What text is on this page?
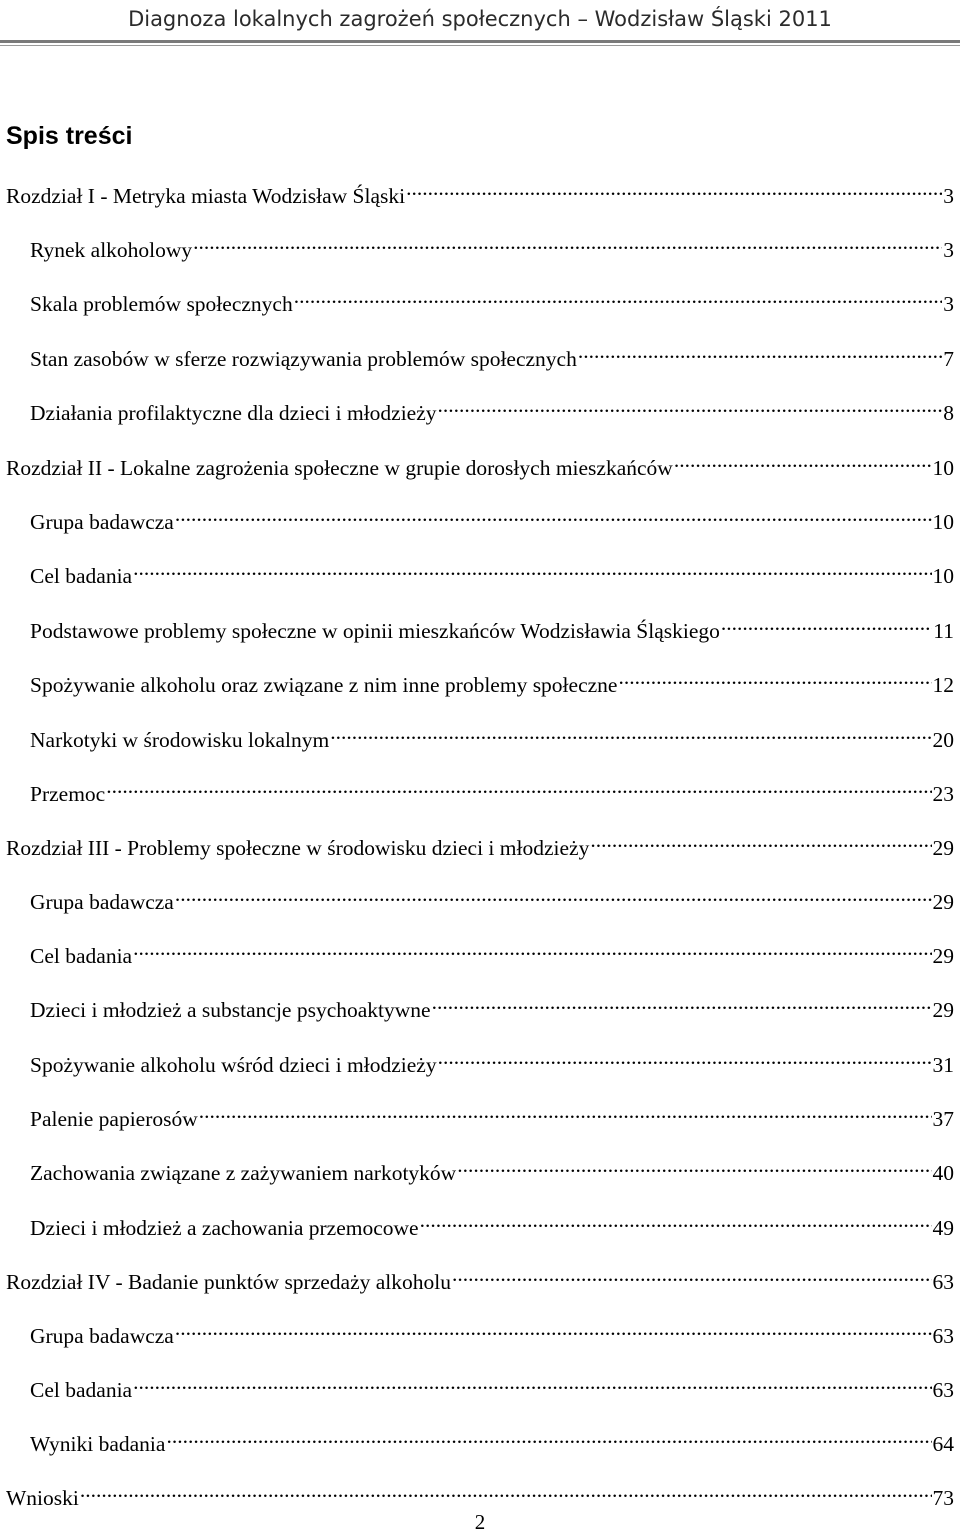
Diagnoza lokalnych zagrożeń społecznych – Wodzisław Śląski 2011
Spis treści
Rozdział I - Metryka miasta Wodzisław Śląski .....	3
Rynek alkoholowy .....	3
Skala problemów społecznych .....	3
Stan zasobów w sferze rozwiązywania problemów społecznych .....	7
Działania profilaktyczne dla dzieci i młodzieży .....	8
Rozdział II - Lokalne zagrożenia społeczne w grupie dorosłych mieszkańców .....	10
Grupa badawcza .....	10
Cel badania .....	10
Podstawowe problemy społeczne w opinii mieszkańców Wodzisławia Śląskiego .....	11
Spożywanie alkoholu oraz związane z nim inne problemy społeczne .....	12
Narkotyki w środowisku lokalnym .....	20
Przemoc .....	23
Rozdział III - Problemy społeczne w środowisku dzieci i młodzieży .....	29
Grupa badawcza .....	29
Cel badania .....	29
Dzieci i młodzież a substancje psychoaktywne .....	29
Spożywanie alkoholu wśród dzieci i młodzieży .....	31
Palenie papierosów .....	37
Zachowania związane z zażywaniem narkotyków .....	40
Dzieci i młodzież a zachowania przemocowe .....	49
Rozdział IV - Badanie punktów sprzedaży alkoholu .....	63
Grupa badawcza .....	63
Cel badania .....	63
Wyniki badania .....	64
Wnioski .....	73
2
